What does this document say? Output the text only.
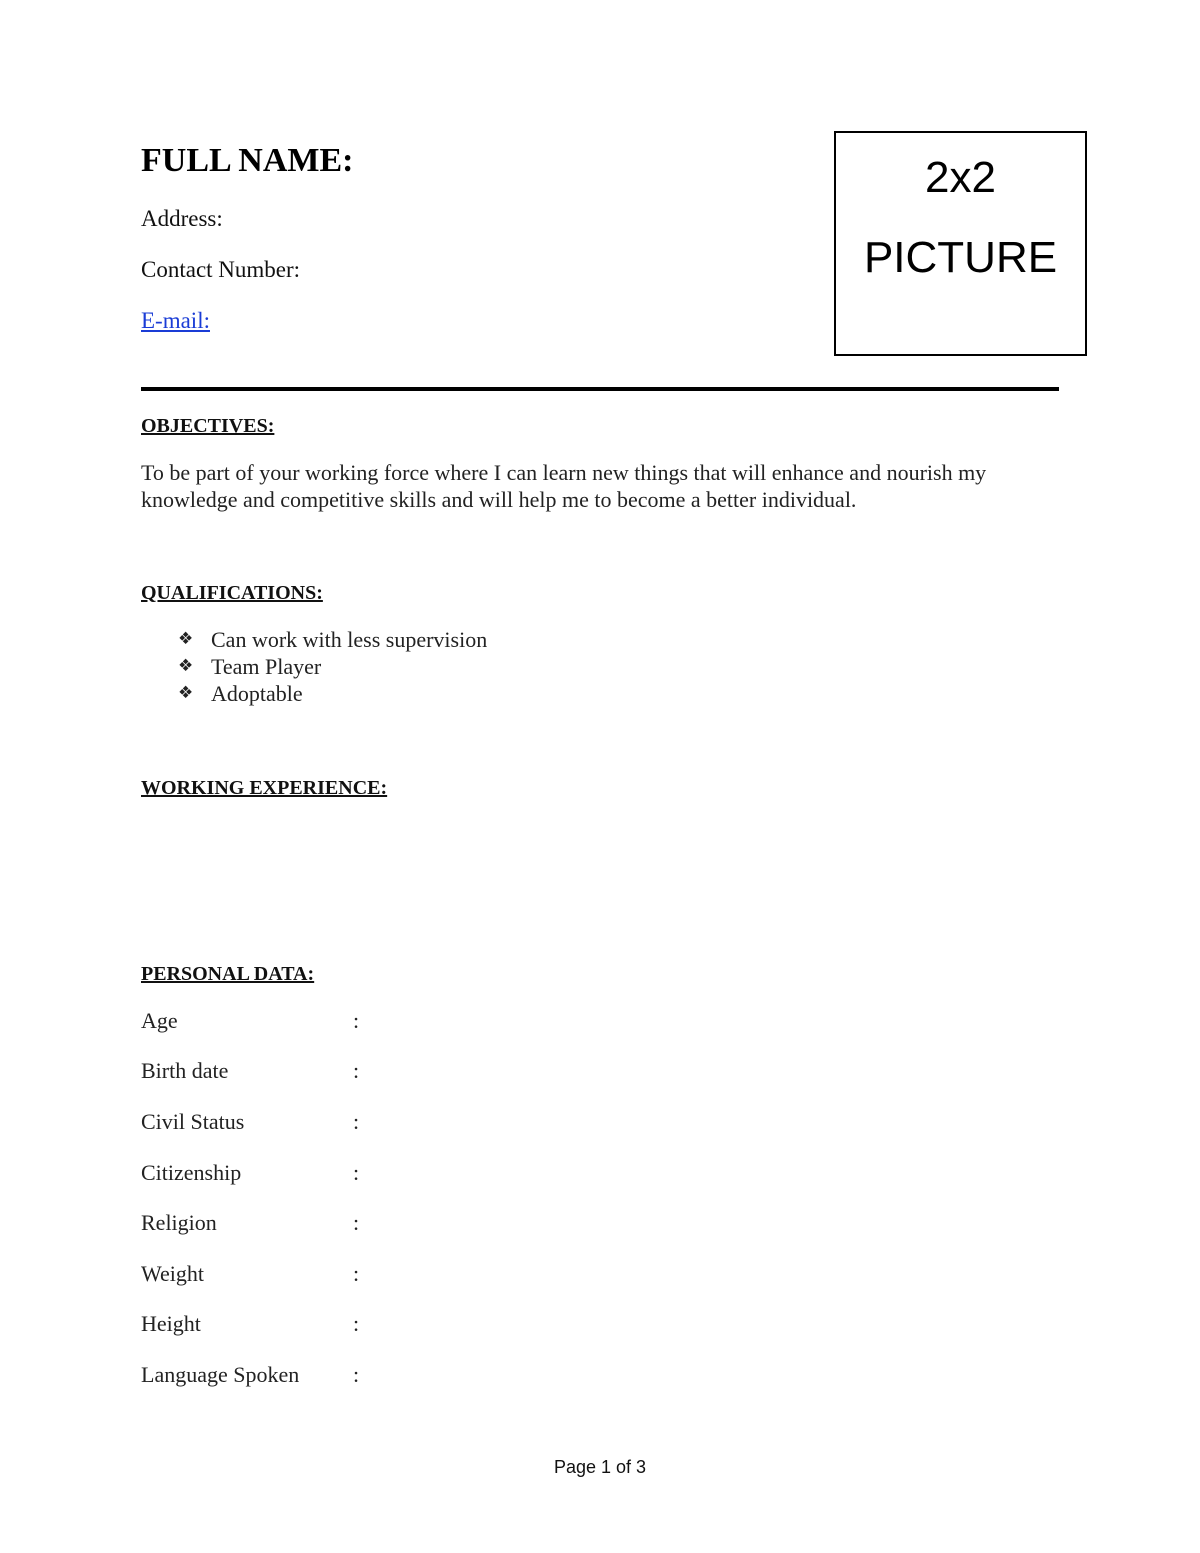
FULL NAME:
Address:
Contact Number:
E-mail:
2x2
PICTURE
OBJECTIVES:
To be part of your working force where I can learn new things that will enhance and nourish my knowledge and competitive skills and will help me to become a better individual.
QUALIFICATIONS:
❖ Can work with less supervision
❖ Team Player
❖ Adoptable
WORKING EXPERIENCE:
PERSONAL DATA:
Age	:
Birth date	:
Civil Status	:
Citizenship	:
Religion	:
Weight	:
Height	:
Language Spoken :
Page 1 of 3
